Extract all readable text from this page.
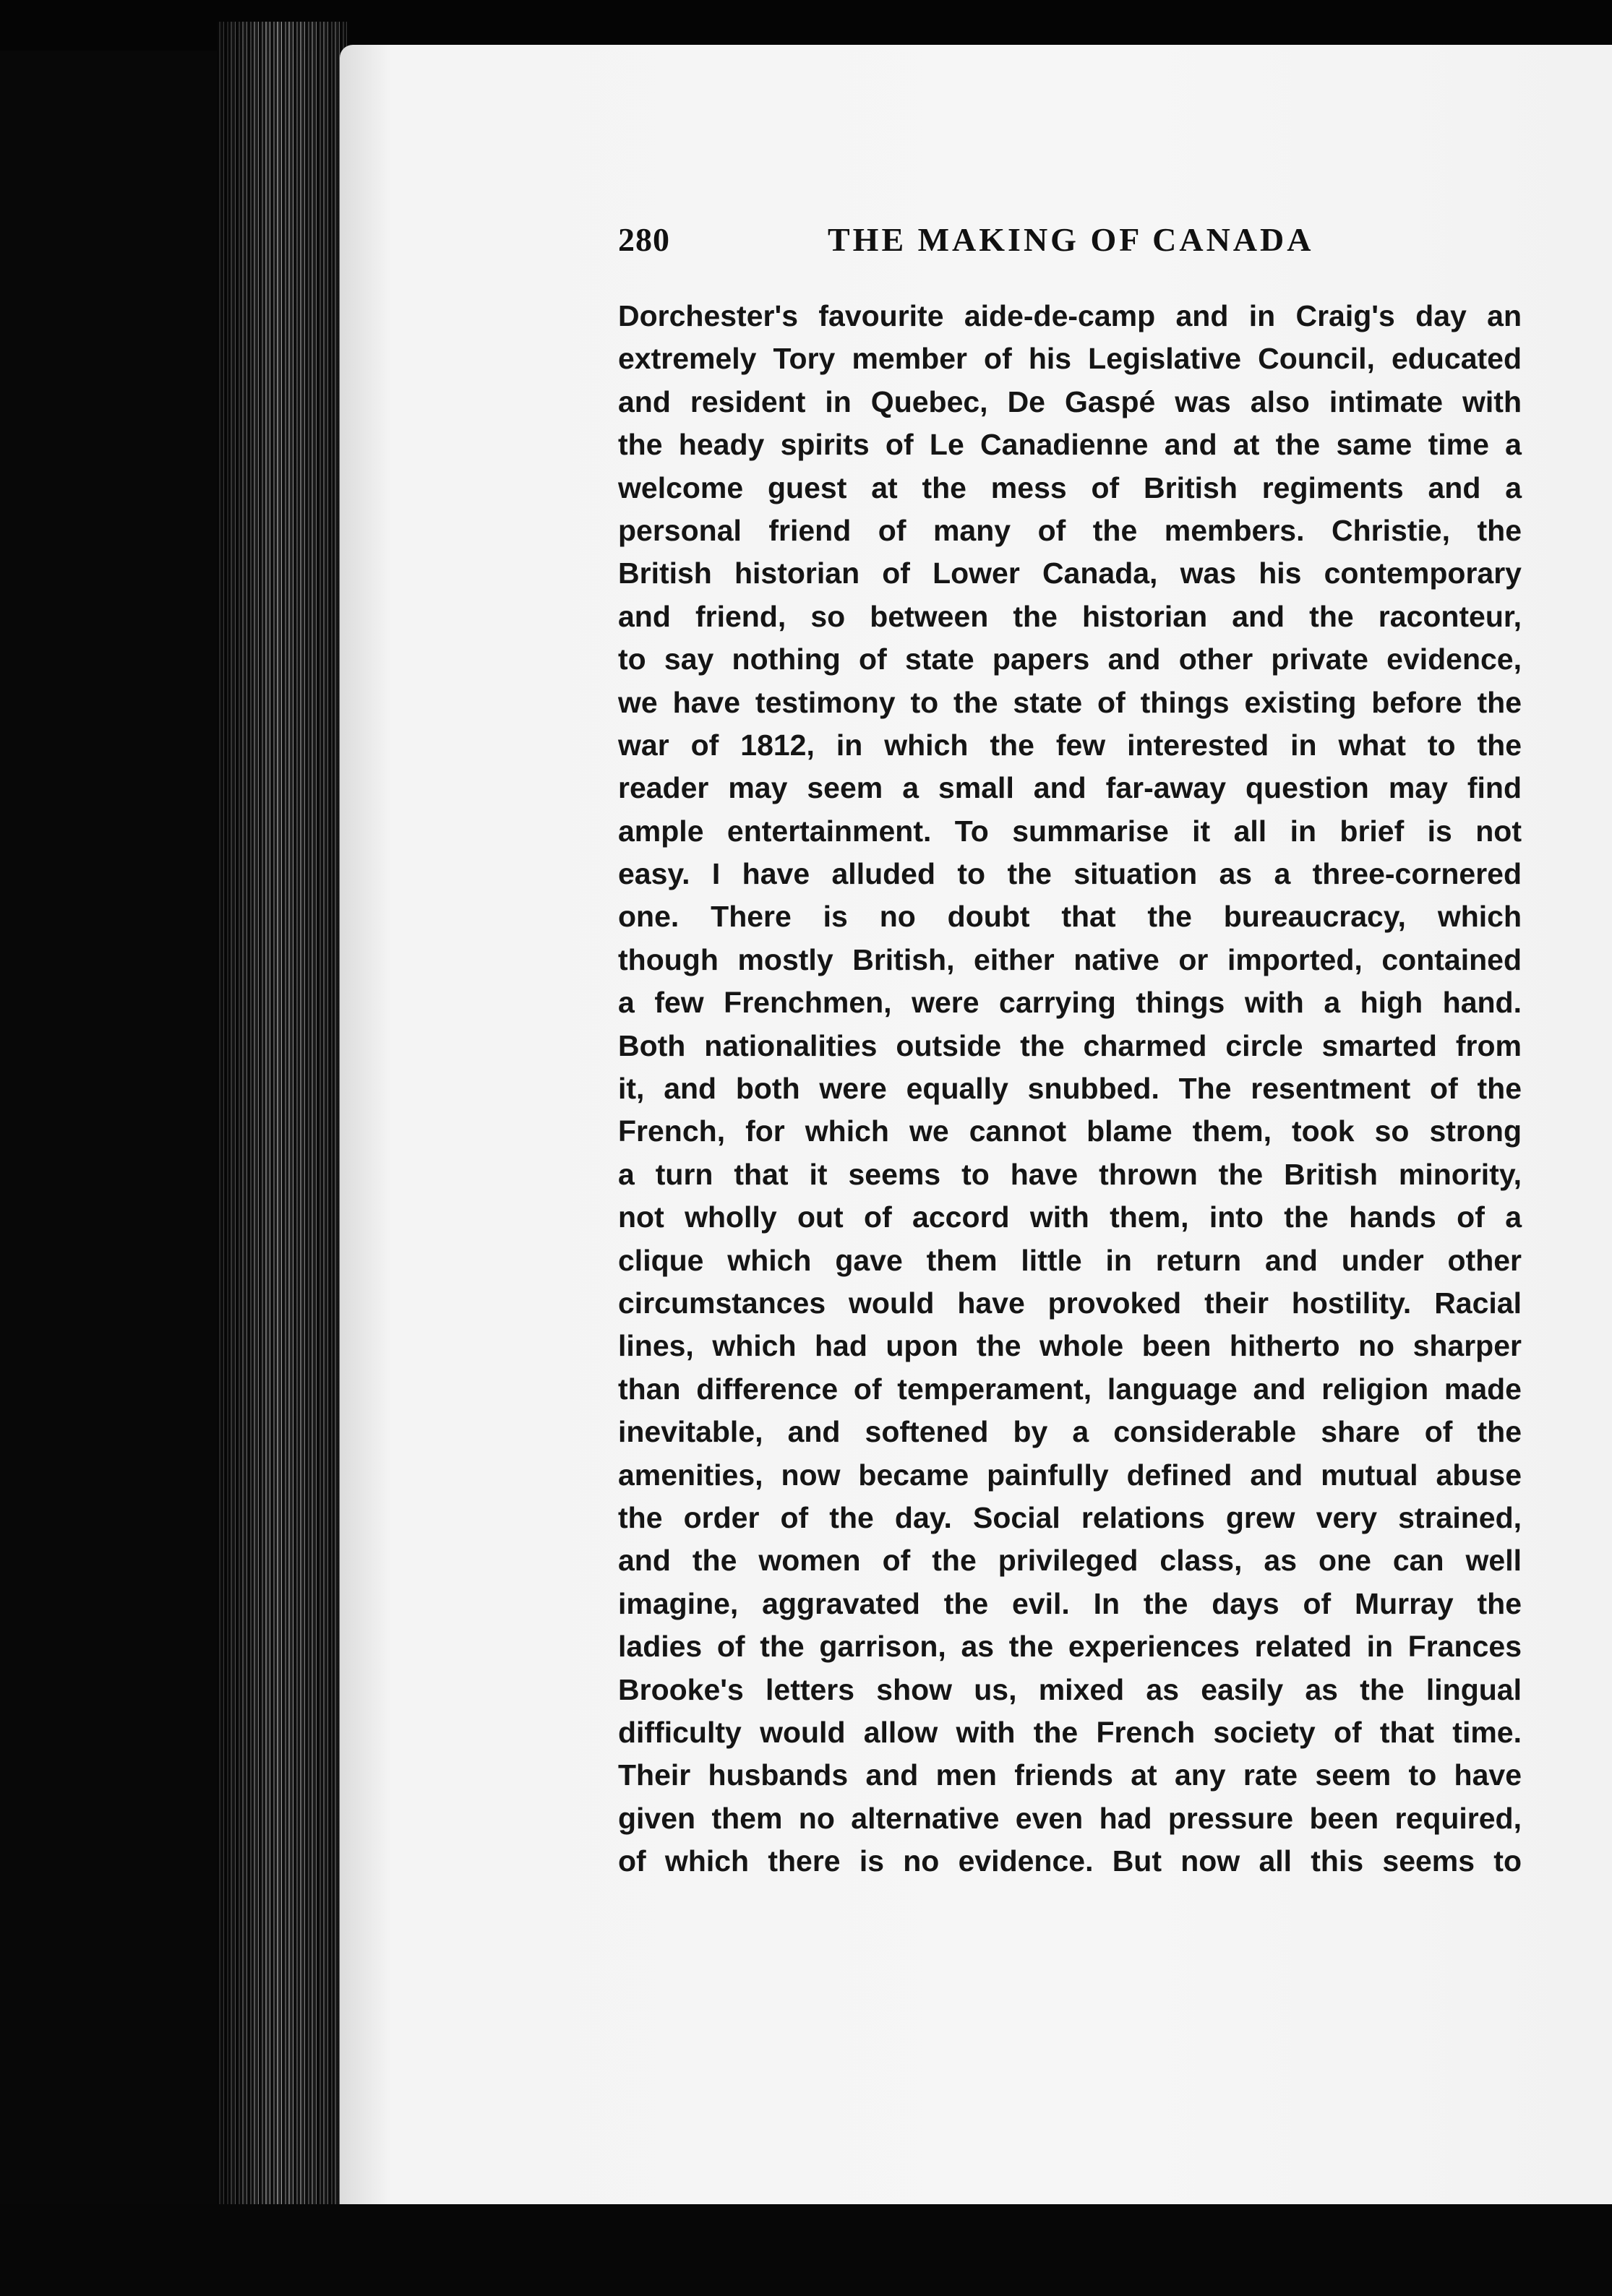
280	THE MAKING OF CANADA
Dorchester's favourite aide-de-camp and in Craig's day an
extremely Tory member of his Legislative Council, educated
and resident in Quebec, De Gaspé was also intimate with
the heady spirits of Le Canadienne and at the same time a
welcome guest at the mess of British regiments and a
personal friend of many of the members. Christie, the
British historian of Lower Canada, was his contemporary
and friend, so between the historian and the raconteur,
to say nothing of state papers and other private evidence,
we have testimony to the state of things existing before the
war of 1812, in which the few interested in what to the
reader may seem a small and far-away question may find
ample entertainment. To summarise it all in brief is not
easy. I have alluded to the situation as a three-cornered
one. There is no doubt that the bureaucracy, which
though mostly British, either native or imported, contained
a few Frenchmen, were carrying things with a high hand.
Both nationalities outside the charmed circle smarted from
it, and both were equally snubbed. The resentment of the
French, for which we cannot blame them, took so strong
a turn that it seems to have thrown the British minority,
not wholly out of accord with them, into the hands of a
clique which gave them little in return and under other
circumstances would have provoked their hostility. Racial
lines, which had upon the whole been hitherto no sharper
than difference of temperament, language and religion made
inevitable, and softened by a considerable share of the
amenities, now became painfully defined and mutual abuse
the order of the day. Social relations grew very strained,
and the women of the privileged class, as one can well
imagine, aggravated the evil. In the days of Murray the
ladies of the garrison, as the experiences related in Frances
Brooke's letters show us, mixed as easily as the lingual
difficulty would allow with the French society of that time.
Their husbands and men friends at any rate seem to have
given them no alternative even had pressure been required,
of which there is no evidence. But now all this seems to
